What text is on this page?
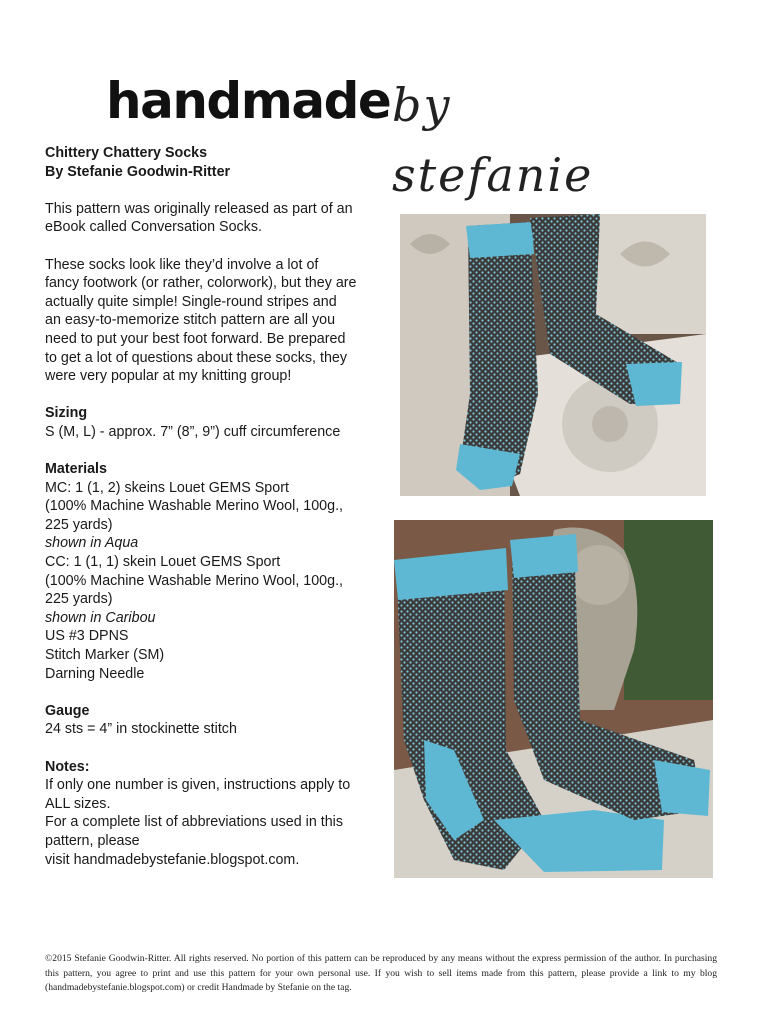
handmade by stefanie

Chittery Chattery Socks

By Stefanie Goodwin-Ritter

This pattern was originally released as part of an

eBook called Conversation Socks.

These socks look like they’d involve a lot of

fancy footwork (or rather, colorwork), but they are

actually quite simple! Single-round stripes and

an easy-to-memorize stitch pattern are all you

need to put your best foot forward. Be prepared

to get a lot of questions about these socks, they

were very popular at my knitting group!

Sizing

S (M, L) - approx. 7” (8”, 9”) cuff circumference

Materials

MC: 1 (1, 2) skeins Louet GEMS Sport

(100% Machine Washable Merino Wool, 100g.,

225 yards)

shown in Aqua

CC: 1 (1, 1) skein Louet GEMS Sport

(100% Machine Washable Merino Wool, 100g.,

225 yards)

shown in Caribou

US #3 DPNS

Stitch Marker (SM)

Darning Needle

Gauge

24 sts = 4” in stockinette stitch

Notes:

If only one number is given, instructions apply to

ALL sizes.

For a complete list of abbreviations used in this

pattern, please

visit handmadebystefanie.blogspot.com.

©2015 Stefanie Goodwin-Ritter. All rights reserved. No portion of this pattern can be reproduced by any means without the express permission of the author. In purchasing this pattern, you agree to print and use this pattern for your own personal use. If you wish to sell items made from this pattern, please provide a link to my blog (handmadebystefanie.blogspot.com) or credit Handmade by Stefanie on the tag.
